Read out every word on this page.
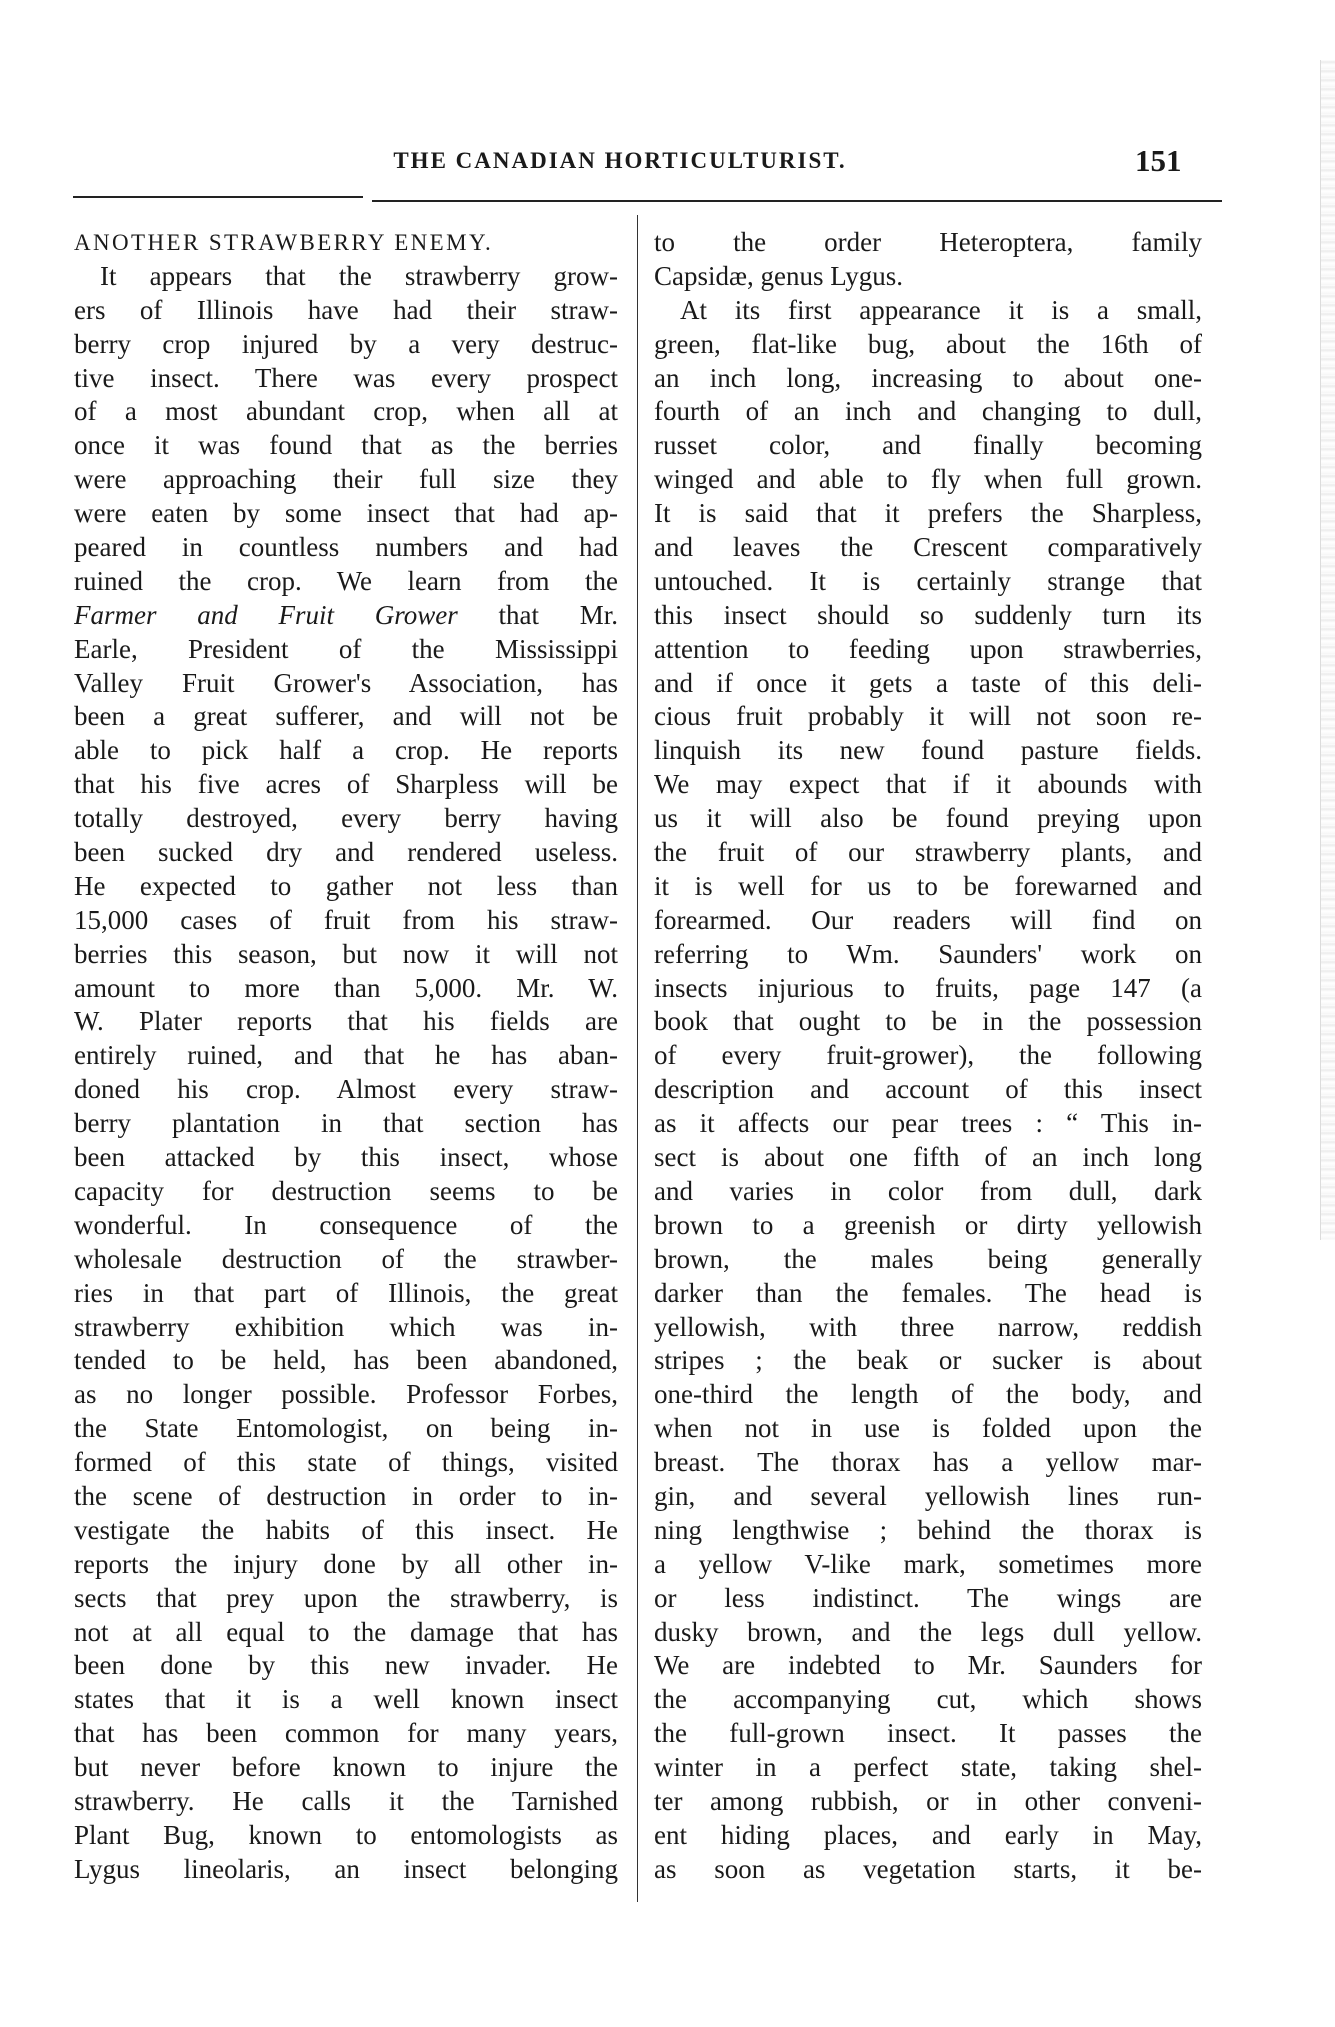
THE CANADIAN HORTICULTURIST.	151
ANOTHER STRAWBERRY ENEMY.
It appears that the strawberry grow-
ers of Illinois have had their straw-
berry crop injured by a very destruc-
tive insect. There was every prospect
of a most abundant crop, when all at
once it was found that as the berries
were approaching their full size they
were eaten by some insect that had ap-
peared in countless numbers and had
ruined the crop. We learn from the
Farmer and Fruit Grower that Mr.
Earle, President of the Mississippi
Valley Fruit Grower's Association, has
been a great sufferer, and will not be
able to pick half a crop. He reports
that his five acres of Sharpless will be
totally destroyed, every berry having
been sucked dry and rendered useless.
He expected to gather not less than
15,000 cases of fruit from his straw-
berries this season, but now it will not
amount to more than 5,000. Mr. W.
W. Plater reports that his fields are
entirely ruined, and that he has aban-
doned his crop. Almost every straw-
berry plantation in that section has
been attacked by this insect, whose
capacity for destruction seems to be
wonderful. In consequence of the
wholesale destruction of the strawber-
ries in that part of Illinois, the great
strawberry exhibition which was in-
tended to be held, has been abandoned,
as no longer possible. Professor Forbes,
the State Entomologist, on being in-
formed of this state of things, visited
the scene of destruction in order to in-
vestigate the habits of this insect. He
reports the injury done by all other in-
sects that prey upon the strawberry, is
not at all equal to the damage that has
been done by this new invader. He
states that it is a well known insect
that has been common for many years,
but never before known to injure the
strawberry. He calls it the Tarnished
Plant Bug, known to entomologists as
Lygus lineolaris, an insect belonging
to the order Heteroptera, family
Capsidæ, genus Lygus.
At its first appearance it is a small,
green, flat-like bug, about the 16th of
an inch long, increasing to about one-
fourth of an inch and changing to dull,
russet color, and finally becoming
winged and able to fly when full grown.
It is said that it prefers the Sharpless,
and leaves the Crescent comparatively
untouched. It is certainly strange that
this insect should so suddenly turn its
attention to feeding upon strawberries,
and if once it gets a taste of this deli-
cious fruit probably it will not soon re-
linquish its new found pasture fields.
We may expect that if it abounds with
us it will also be found preying upon
the fruit of our strawberry plants, and
it is well for us to be forewarned and
forearmed. Our readers will find on
referring to Wm. Saunders' work on
insects injurious to fruits, page 147 (a
book that ought to be in the possession
of every fruit-grower), the following
description and account of this insect
as it affects our pear trees : “ This in-
sect is about one fifth of an inch long
and varies in color from dull, dark
brown to a greenish or dirty yellowish
brown, the males being generally
darker than the females. The head is
yellowish, with three narrow, reddish
stripes ; the beak or sucker is about
one-third the length of the body, and
when not in use is folded upon the
breast. The thorax has a yellow mar-
gin, and several yellowish lines run-
ning lengthwise ; behind the thorax is
a yellow V-like mark, sometimes more
or less indistinct. The wings are
dusky brown, and the legs dull yellow.
We are indebted to Mr. Saunders for
the accompanying cut, which shows
the full-grown insect. It passes the
winter in a perfect state, taking shel-
ter among rubbish, or in other conveni-
ent hiding places, and early in May,
as soon as vegetation starts, it be-
